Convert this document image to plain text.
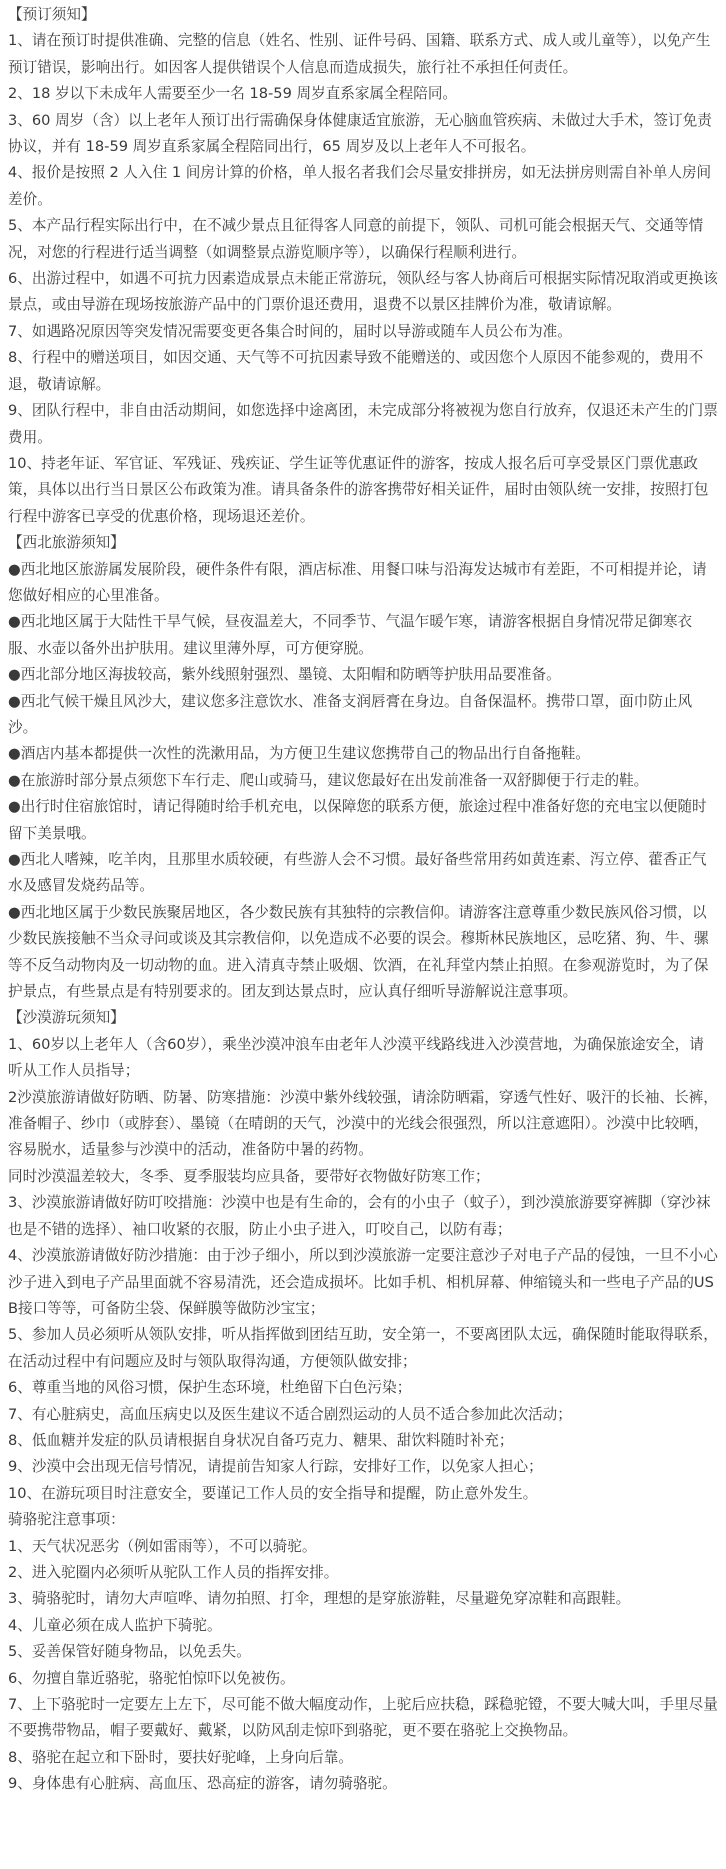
【预订须知】

1、请在预订时提供准确、完整的信息（姓名、性别、证件号码、国籍、联系方式、成人或儿童等），以免产生预订错误，影响出行。如因客人提供错误个人信息而造成损失，旅行社不承担任何责任。

2、18 岁以下未成年人需要至少一名 18-59 周岁直系家属全程陪同。

3、60 周岁（含）以上老年人预订出行需确保身体健康适宜旅游，无心脑血管疾病、未做过大手术，签订免责协议，并有 18-59 周岁直系家属全程陪同出行，65 周岁及以上老年人不可报名。

4、报价是按照 2 人入住 1 间房计算的价格，单人报名者我们会尽量安排拼房，如无法拼房则需自补单人房间差价。

5、本产品行程实际出行中，在不减少景点且征得客人同意的前提下，领队、司机可能会根据天气、交通等情况，对您的行程进行适当调整（如调整景点游览顺序等），以确保行程顺利进行。

6、出游过程中，如遇不可抗力因素造成景点未能正常游玩，领队经与客人协商后可根据实际情况取消或更换该景点，或由导游在现场按旅游产品中的门票价退还费用，退费不以景区挂牌价为准，敬请谅解。

7、如遇路况原因等突发情况需要变更各集合时间的，届时以导游或随车人员公布为准。

8、行程中的赠送项目，如因交通、天气等不可抗因素导致不能赠送的、或因您个人原因不能参观的，费用不退，敬请谅解。

9、团队行程中，非自由活动期间，如您选择中途离团，未完成部分将被视为您自行放弃，仅退还未产生的门票费用。

10、持老年证、军官证、军残证、残疾证、学生证等优惠证件的游客，按成人报名后可享受景区门票优惠政策，具体以出行当日景区公布政策为准。请具备条件的游客携带好相关证件，届时由领队统一安排，按照打包行程中游客已享受的优惠价格，现场退还差价。

【西北旅游须知】

●西北地区旅游属发展阶段，硬件条件有限，酒店标准、用餐口味与沿海发达城市有差距，不可相提并论，请您做好相应的心里准备。

●西北地区属于大陆性干旱气候，昼夜温差大，不同季节、气温乍暖乍寒，请游客根据自身情况带足御寒衣服、水壶以备外出护肤用。建议里薄外厚，可方便穿脱。

●西北部分地区海拔较高，紫外线照射强烈、墨镜、太阳帽和防晒等护肤用品要准备。

●西北气候干燥且风沙大，建议您多注意饮水、准备支润唇膏在身边。自备保温杯。携带口罩，面巾防止风沙。

●酒店内基本都提供一次性的洗漱用品，为方便卫生建议您携带自己的物品出行自备拖鞋。

●在旅游时部分景点须您下车行走、爬山或骑马，建议您最好在出发前准备一双舒脚便于行走的鞋。

●出行时住宿旅馆时，请记得随时给手机充电，以保障您的联系方便，旅途过程中准备好您的充电宝以便随时留下美景哦。

●西北人嗜辣，吃羊肉，且那里水质较硬，有些游人会不习惯。最好备些常用药如黄连素、泻立停、藿香正气水及感冒发烧药品等。

●西北地区属于少数民族聚居地区，各少数民族有其独特的宗教信仰。请游客注意尊重少数民族风俗习惯，以少数民族接触不当众寻问或谈及其宗教信仰，以免造成不必要的误会。穆斯林民族地区，忌吃猪、狗、牛、骡等不反刍动物肉及一切动物的血。进入清真寺禁止吸烟、饮酒，在礼拜堂内禁止拍照。在参观游览时，为了保护景点，有些景点是有特别要求的。团友到达景点时，应认真仔细听导游解说注意事项。

【沙漠游玩须知】

1、60岁以上老年人（含60岁），乘坐沙漠冲浪车由老年人沙漠平线路线进入沙漠营地，为确保旅途安全，请听从工作人员指导；

2沙漠旅游请做好防晒、防暑、防寒措施：沙漠中紫外线较强，请涂防晒霜，穿透气性好、吸汗的长袖、长裤，准备帽子、纱巾（或脖套）、墨镜（在晴朗的天气，沙漠中的光线会很强烈，所以注意遮阳）。沙漠中比较晒，容易脱水，适量参与沙漠中的活动，准备防中暑的药物。

同时沙漠温差较大，冬季、夏季服装均应具备，要带好衣物做好防寒工作；

3、沙漠旅游请做好防叮咬措施：沙漠中也是有生命的，会有的小虫子（蚊子），到沙漠旅游要穿裤脚（穿沙袜也是不错的选择）、袖口收紧的衣服，防止小虫子进入，叮咬自己，以防有毒；

4、沙漠旅游请做好防沙措施：由于沙子细小，所以到沙漠旅游一定要注意沙子对电子产品的侵蚀，一旦不小心沙子进入到电子产品里面就不容易清洗，还会造成损坏。比如手机、相机屏幕、伸缩镜头和一些电子产品的USB接口等等，可备防尘袋、保鲜膜等做防沙宝宝；

5、参加人员必须听从领队安排，听从指挥做到团结互助，安全第一，不要离团队太远，确保随时能取得联系，在活动过程中有问题应及时与领队取得沟通，方便领队做安排；

6、尊重当地的风俗习惯，保护生态环境，杜绝留下白色污染；

7、有心脏病史，高血压病史以及医生建议不适合剧烈运动的人员不适合参加此次活动；

8、低血糖并发症的队员请根据自身状况自备巧克力、糖果、甜饮料随时补充；

9、沙漠中会出现无信号情况，请提前告知家人行踪，安排好工作，以免家人担心；

10、在游玩项目时注意安全，要谨记工作人员的安全指导和提醒，防止意外发生。

骑骆驼注意事项：

1、天气状况恶劣（例如雷雨等），不可以骑驼。

2、进入驼圈内必须听从驼队工作人员的指挥安排。

3、骑骆驼时，请勿大声喧哗、请勿拍照、打伞，理想的是穿旅游鞋，尽量避免穿凉鞋和高跟鞋。

4、儿童必须在成人监护下骑驼。

5、妥善保管好随身物品，以免丢失。

6、勿擅自靠近骆驼，骆驼怕惊吓以免被伤。

7、上下骆驼时一定要左上左下，尽可能不做大幅度动作，上驼后应扶稳，踩稳驼镫，不要大喊大叫，手里尽量不要携带物品，帽子要戴好、戴紧，以防风刮走惊吓到骆驼，更不要在骆驼上交换物品。

8、骆驼在起立和下卧时，要扶好驼峰，上身向后靠。

9、身体患有心脏病、高血压、恐高症的游客，请勿骑骆驼。
